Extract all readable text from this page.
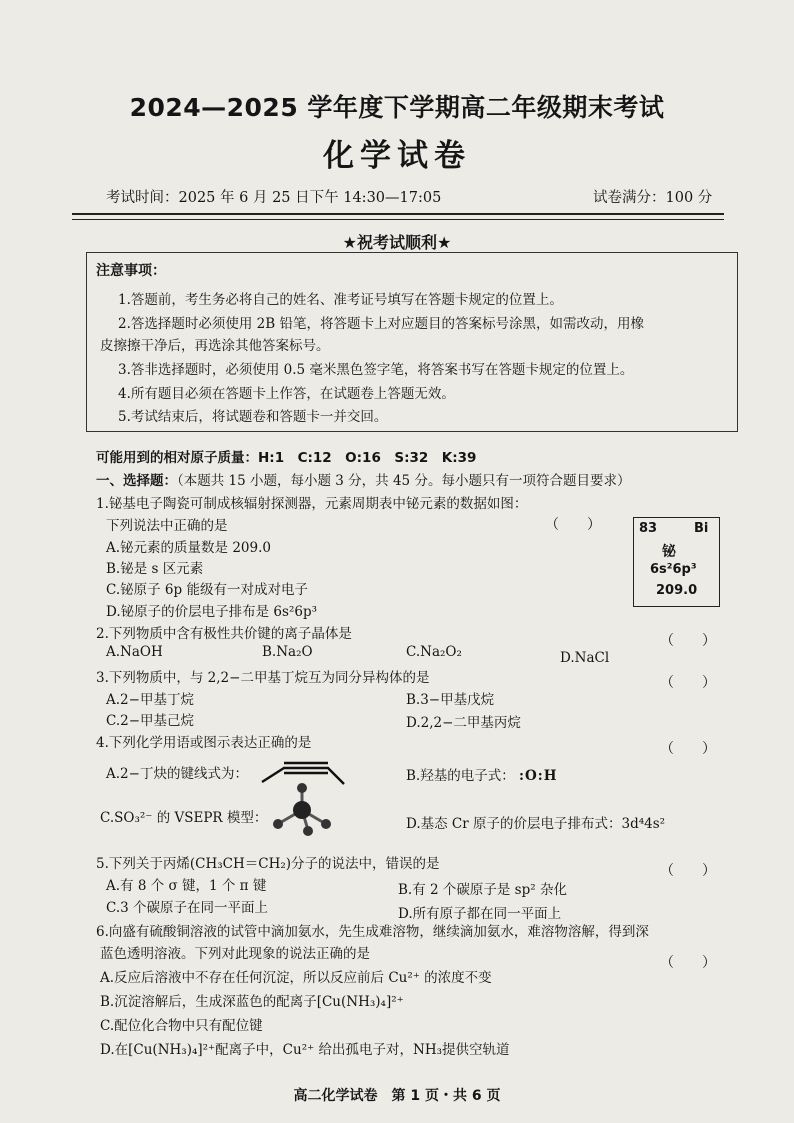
2024—2025 学年度下学期高二年级期末考试
化学试卷
考试时间：2025 年 6 月 25 日下午 14:30—17:05	试卷满分：100 分
★祝考试顺利★
注意事项：
1.答题前，考生务必将自己的姓名、准考证号填写在答题卡规定的位置上。
2.答选择题时必须使用 2B 铅笔，将答题卡上对应题目的答案标号涂黑，如需改动，用橡
皮擦擦干净后，再选涂其他答案标号。
3.答非选择题时，必须使用 0.5 毫米黑色签字笔，将答案书写在答题卡规定的位置上。
4.所有题目必须在答题卡上作答，在试题卷上答题无效。
5.考试结束后，将试题卷和答题卡一并交回。
可能用到的相对原子质量：H:1　C:12　O:16　S:32　K:39
一、选择题：（本题共 15 小题，每小题 3 分，共 45 分。每小题只有一项符合题目要求）
1.铋基电子陶瓷可制成核辐射探测器，元素周期表中铋元素的数据如图：
下列说法中正确的是	（　　）
A.铋元素的质量数是 209.0
B.铋是 s 区元素
C.铋原子 6p 能级有一对成对电子
D.铋原子的价层电子排布是 6s²6p³
83	Bi
铋
6s²6p³
209.0
2.下列物质中含有极性共价键的离子晶体是	（　　）
A.NaOH	B.Na₂O	C.Na₂O₂	D.NaCl
3.下列物质中，与 2,2−二甲基丁烷互为同分异构体的是	（　　）
A.2−甲基丁烷	B.3−甲基戊烷
C.2−甲基己烷	D.2,2−二甲基丙烷
4.下列化学用语或图示表达正确的是	（　　）
A.2−丁炔的键线式为：	B.羟基的电子式： :O:H
C.SO₃²⁻ 的 VSEPR 模型：	D.基态 Cr 原子的价层电子排布式：3d⁴4s²
5.下列关于丙烯(CH₃CH＝CH₂)分子的说法中，错误的是	（　　）
A.有 8 个 σ 键，1 个 π 键	B.有 2 个碳原子是 sp² 杂化
C.3 个碳原子在同一平面上	D.所有原子都在同一平面上
6.向盛有硫酸铜溶液的试管中滴加氨水，先生成难溶物，继续滴加氨水，难溶物溶解，得到深
蓝色透明溶液。下列对此现象的说法正确的是
（　　）
A.反应后溶液中不存在任何沉淀，所以反应前后 Cu²⁺ 的浓度不变
B.沉淀溶解后，生成深蓝色的配离子[Cu(NH₃)₄]²⁺
C.配位化合物中只有配位键
D.在[Cu(NH₃)₄]²⁺配离子中，Cu²⁺ 给出孤电子对，NH₃提供空轨道
高二化学试卷　第 1 页・共 6 页
